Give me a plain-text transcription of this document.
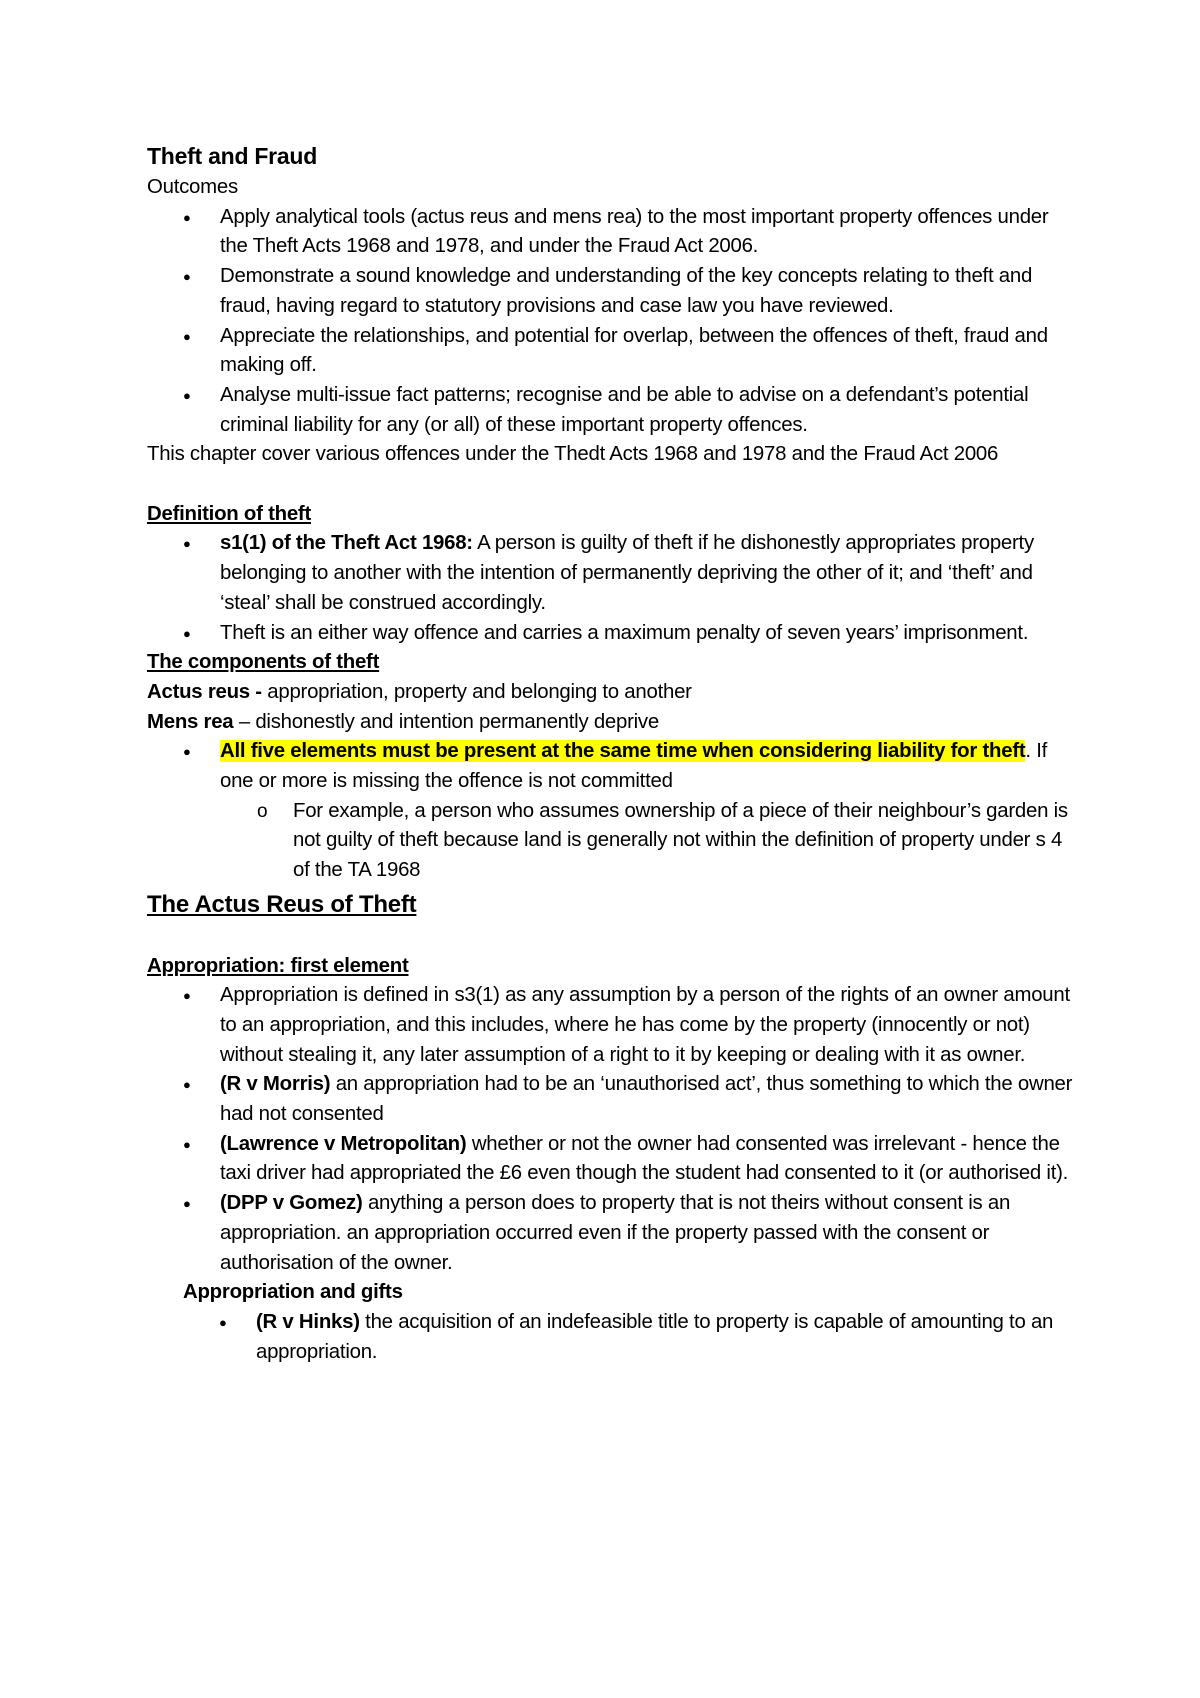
Theft and Fraud

Outcomes

● Apply analytical tools (actus reus and mens rea) to the most important property offences under the Theft Acts 1968 and 1978, and under the Fraud Act 2006.
● Demonstrate a sound knowledge and understanding of the key concepts relating to theft and fraud, having regard to statutory provisions and case law you have reviewed.
● Appreciate the relationships, and potential for overlap, between the offences of theft, fraud and making off.
● Analyse multi-issue fact patterns; recognise and be able to advise on a defendant’s potential criminal liability for any (or all) of these important property offences.

This chapter cover various offences under the Thedt Acts 1968 and 1978 and the Fraud Act 2006

Definition of theft

● s1(1) of the Theft Act 1968: A person is guilty of theft if he dishonestly appropriates property belonging to another with the intention of permanently depriving the other of it; and ‘theft’ and ‘steal’ shall be construed accordingly.
● Theft is an either way offence and carries a maximum penalty of seven years’ imprisonment.

The components of theft

Actus reus - appropriation, property and belonging to another

Mens rea – dishonestly and intention permanently deprive

● All five elements must be present at the same time when considering liability for theft. If one or more is missing the offence is not committed
o For example, a person who assumes ownership of a piece of their neighbour’s garden is not guilty of theft because land is generally not within the definition of property under s 4 of the TA 1968

The Actus Reus of Theft

Appropriation: first element

● Appropriation is defined in s3(1) as any assumption by a person of the rights of an owner amount to an appropriation, and this includes, where he has come by the property (innocently or not) without stealing it, any later assumption of a right to it by keeping or dealing with it as owner.
● (R v Morris) an appropriation had to be an ‘unauthorised act’, thus something to which the owner had not consented
● (Lawrence v Metropolitan) whether or not the owner had consented was irrelevant - hence the taxi driver had appropriated the £6 even though the student had consented to it (or authorised it).
● (DPP v Gomez) anything a person does to property that is not theirs without consent is an appropriation. an appropriation occurred even if the property passed with the consent or authorisation of the owner.

Appropriation and gifts

● (R v Hinks) the acquisition of an indefeasible title to property is capable of amounting to an appropriation.
